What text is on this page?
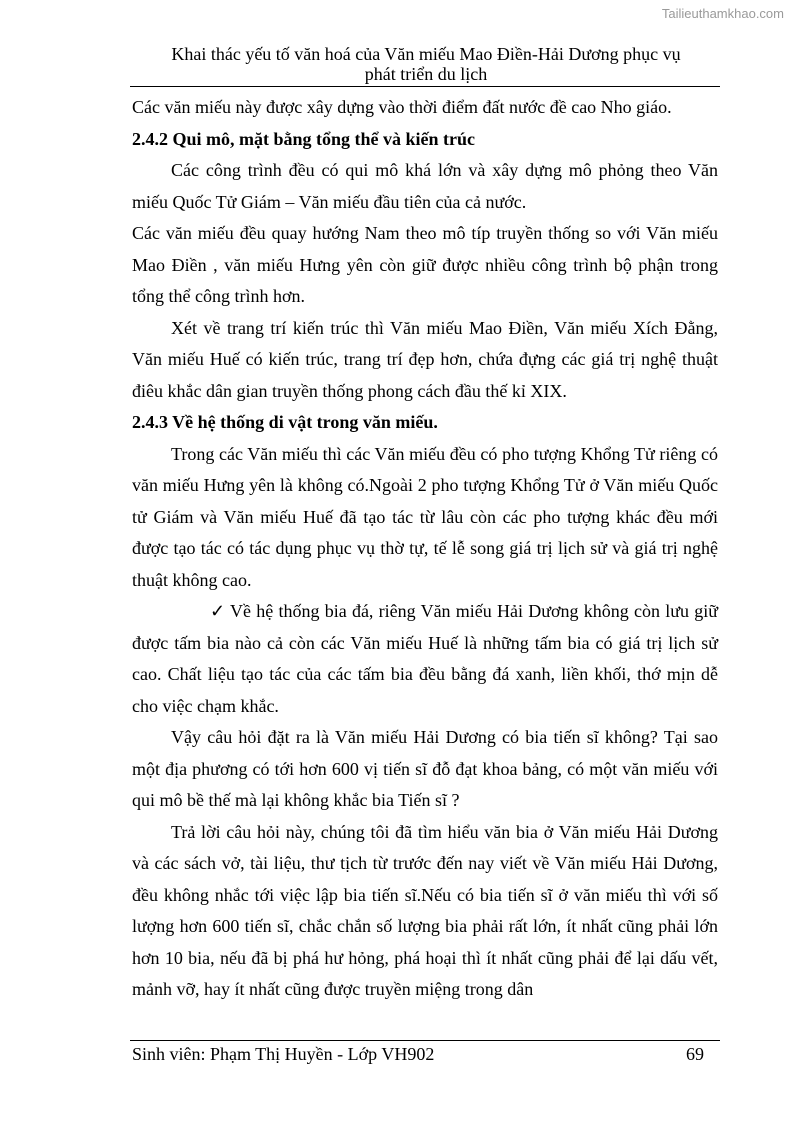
Tailieuthamkhao.com
Khai thác yếu tố văn hoá của Văn miếu Mao Điền-Hải Dương phục vụ
phát triển du lịch

Các văn miếu này được xây dựng vào thời điểm đất nước đề cao Nho giáo.

2.4.2 Qui mô, mặt bằng tổng thể và kiến trúc

Các công trình đều có qui mô khá lớn và xây dựng mô phỏng theo Văn miếu Quốc Tử Giám – Văn miếu đầu tiên của cả nước.

Các văn miếu đều quay hướng Nam theo mô típ truyền thống so với Văn miếu Mao Điền , văn miếu Hưng yên còn giữ được nhiều công trình bộ phận trong tổng thể công trình hơn.

Xét về trang trí kiến trúc thì Văn miếu Mao Điền, Văn miếu Xích Đằng, Văn miếu Huế có kiến trúc, trang trí đẹp hơn, chứa đựng các giá trị nghệ thuật điêu khắc dân gian truyền thống phong cách đầu thế kỉ XIX.

2.4.3 Về hệ thống di vật trong văn miếu.

Trong các Văn miếu thì các Văn miếu đều có pho tượng Khổng Tử riêng có văn miếu Hưng yên là không có.Ngoài 2 pho tượng Khổng Tử ở Văn miếu Quốc tử Giám và Văn miếu Huế đã tạo tác từ lâu còn các pho tượng khác đều mới được tạo tác có tác dụng phục vụ thờ tự, tế lễ song giá trị lịch sử và giá trị nghệ thuật không cao.

✓ Về hệ thống bia đá, riêng Văn miếu Hải Dương không còn lưu giữ được tấm bia nào cả còn các Văn miếu Huế là những tấm bia có giá trị lịch sử cao. Chất liệu tạo tác của các tấm bia đều bằng đá xanh, liền khối, thớ mịn dễ cho việc chạm khắc.

Vậy câu hỏi đặt ra là Văn miếu Hải Dương có bia tiến sĩ không? Tại sao một địa phương có tới hơn 600 vị tiến sĩ đỗ đạt khoa bảng, có một văn miếu với qui mô bề thế mà lại không khắc bia Tiến sĩ ?

Trả lời câu hỏi này, chúng tôi đã tìm hiểu văn bia ở Văn miếu Hải Dương và các sách vở, tài liệu, thư tịch từ trước đến nay viết về Văn miếu Hải Dương, đều không nhắc tới việc lập bia tiến sĩ.Nếu có bia tiến sĩ ở văn miếu thì với số lượng hơn 600 tiến sĩ, chắc chắn số lượng bia phải rất lớn, ít nhất cũng phải lớn hơn 10 bia, nếu đã bị phá hư hỏng, phá hoại thì ít nhất cũng phải để lại dấu vết, mảnh vỡ, hay ít nhất cũng được truyền miệng trong dân

Sinh viên: Phạm Thị Huyền - Lớp VH902	69
